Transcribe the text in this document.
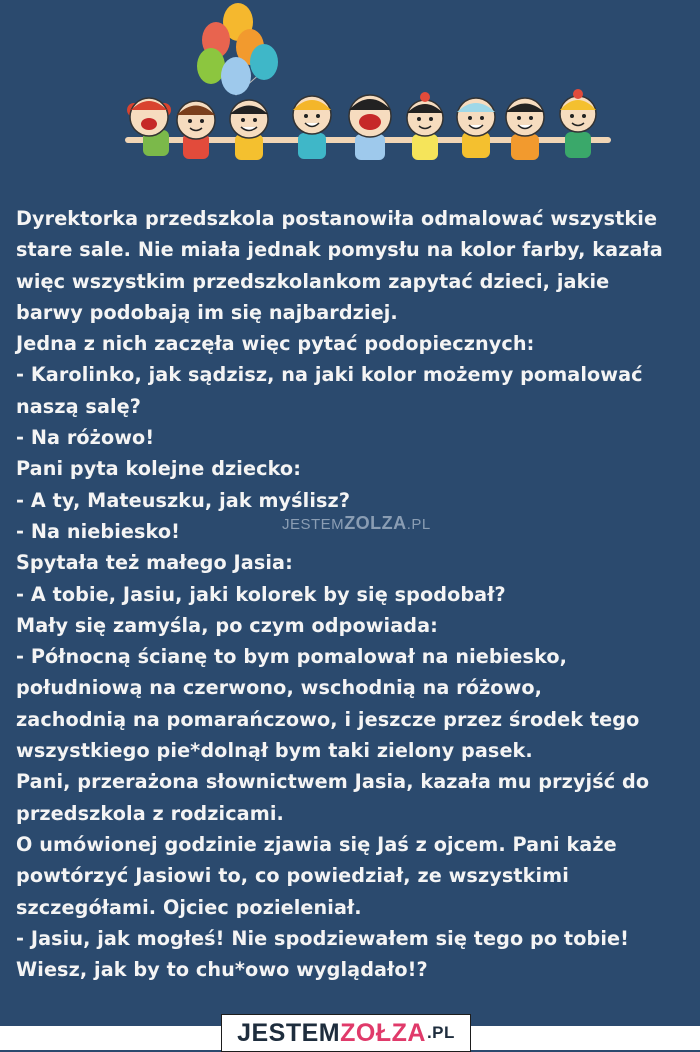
Dyrektorka przedszkola postanowiła odmalować wszystkie
stare sale. Nie miała jednak pomysłu na kolor farby, kazała
więc wszystkim przedszkolankom zapytać dzieci, jakie
barwy podobają im się najbardziej.
Jedna z nich zaczęła więc pytać podopiecznych:
- Karolinko, jak sądzisz, na jaki kolor możemy pomalować
naszą salę?
- Na różowo!
Pani pyta kolejne dziecko:
- A ty, Mateuszku, jak myślisz?
- Na niebiesko!
Spytała też małego Jasia:
- A tobie, Jasiu, jaki kolorek by się spodobał?
Mały się zamyśla, po czym odpowiada:
- Północną ścianę to bym pomalował na niebiesko,
południową na czerwono, wschodnią na różowo,
zachodnią na pomarańczowo, i jeszcze przez środek tego
wszystkiego pie*dolnął bym taki zielony pasek.
Pani, przerażona słownictwem Jasia, kazała mu przyjść do
przedszkola z rodzicami.
O umówionej godzinie zjawia się Jaś z ojcem. Pani każe
powtórzyć Jasiowi to, co powiedział, ze wszystkimi
szczegółami. Ojciec pozieleniał.
- Jasiu, jak mogłeś! Nie spodziewałem się tego po tobie!
Wiesz, jak by to chu*owo wyglądało!?
JESTEMZOLZA.PL
JESTEM ZOŁZA .PL
